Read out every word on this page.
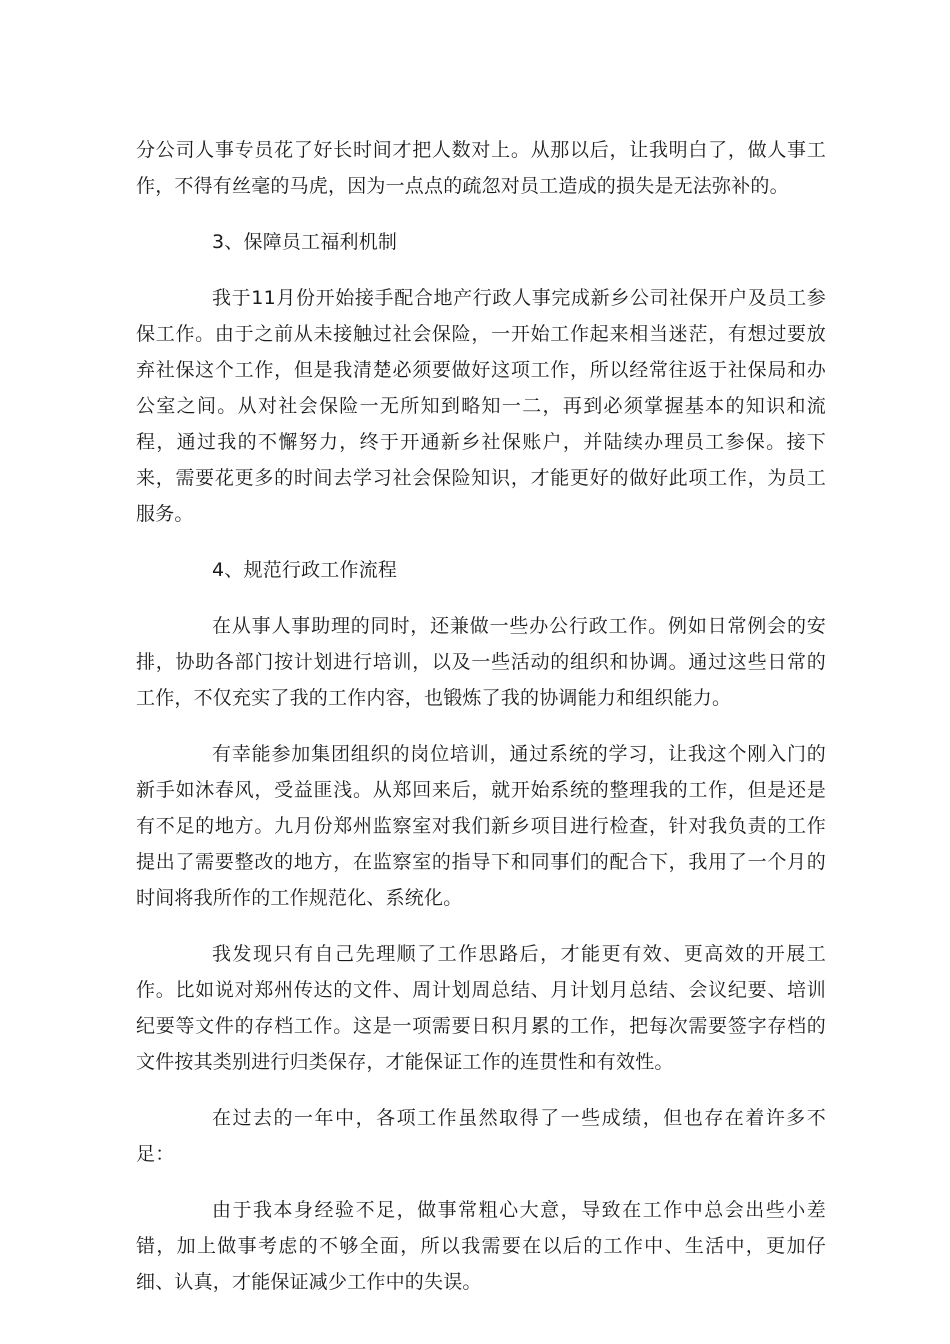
分公司人事专员花了好长时间才把人数对上。从那以后，让我明白了，做人事工作，不得有丝毫的马虎，因为一点点的疏忽对员工造成的损失是无法弥补的。

3、保障员工福利机制

我于11月份开始接手配合地产行政人事完成新乡公司社保开户及员工参保工作。由于之前从未接触过社会保险，一开始工作起来相当迷茫，有想过要放弃社保这个工作，但是我清楚必须要做好这项工作，所以经常往返于社保局和办公室之间。从对社会保险一无所知到略知一二，再到必须掌握基本的知识和流程，通过我的不懈努力，终于开通新乡社保账户，并陆续办理员工参保。接下来，需要花更多的时间去学习社会保险知识，才能更好的做好此项工作，为员工服务。

4、规范行政工作流程

在从事人事助理的同时，还兼做一些办公行政工作。例如日常例会的安排，协助各部门按计划进行培训，以及一些活动的组织和协调。通过这些日常的工作，不仅充实了我的工作内容，也锻炼了我的协调能力和组织能力。

有幸能参加集团组织的岗位培训，通过系统的学习，让我这个刚入门的新手如沐春风，受益匪浅。从郑回来后，就开始系统的整理我的工作，但是还是有不足的地方。九月份郑州监察室对我们新乡项目进行检查，针对我负责的工作提出了需要整改的地方，在监察室的指导下和同事们的配合下，我用了一个月的时间将我所作的工作规范化、系统化。

我发现只有自己先理顺了工作思路后，才能更有效、更高效的开展工作。比如说对郑州传达的文件、周计划周总结、月计划月总结、会议纪要、培训纪要等文件的存档工作。这是一项需要日积月累的工作，把每次需要签字存档的文件按其类别进行归类保存，才能保证工作的连贯性和有效性。

在过去的一年中，各项工作虽然取得了一些成绩，但也存在着许多不足：

由于我本身经验不足，做事常粗心大意，导致在工作中总会出些小差错，加上做事考虑的不够全面，所以我需要在以后的工作中、生活中，更加仔细、认真，才能保证减少工作中的失误。
